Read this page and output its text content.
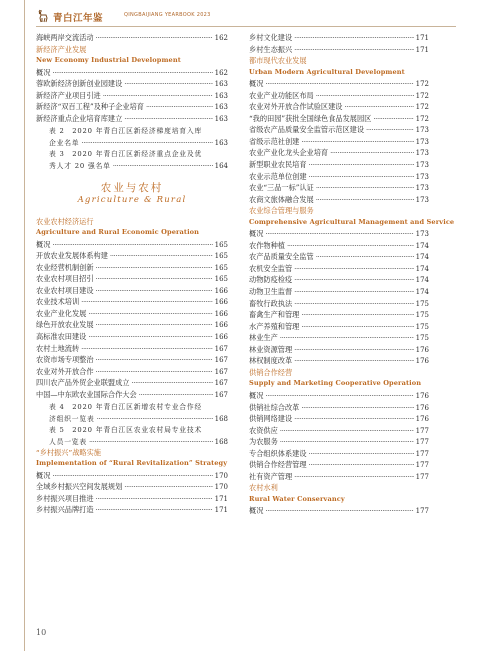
青白江年鉴	QINGBAIJIANG YEARBOOK 2023
海峡两岸交流活动 ·····	162
新经济产业发展
New Economy Industrial Development
概况 ·····	162
蓉欧新经济创新创业园建设 ·····	163
新经济产业项目引进 ·····	163
新经济“双百工程”及种子企业培育 ·····	163
新经济重点企业培育库建立 ·····	163
表 2　2020 年青白江区新经济梯度培育入库
企业名单 ·····	163
表 3　2020 年青白江区新经济重点企业及优
秀人才 20 强名单 ·····	164
农业与农村
Agriculture & Rural
农业农村经济运行
Agriculture and Rural Economic Operation
概况 ·····	165
开放农业发展体系构建 ·····	165
农业经营机制创新 ·····	165
农业农村项目招引 ·····	165
农业农村项目建设 ·····	166
农业技术培训 ·····	166
农业产业化发展 ·····	166
绿色开放农业发展 ·····	166
高标准农田建设 ·····	166
农村土地流转 ·····	167
农资市场专项整治 ·····	167
农业对外开放合作 ·····	167
四川农产品外贸企业联盟成立 ·····	167
中国—中东欧农业国际合作大会 ·····	167
表 4　2020 年青白江区新增农村专业合作经
济组织一览表 ·····	168
表 5　2020 年青白江区农业农村局专业技术
人员一览表 ·····	168
“乡村振兴”战略实施
Implementation of “Rural Revitalization” Strategy
概况 ·····	170
全域乡村振兴空间发展规划 ·····	170
乡村振兴项目推进 ·····	171
乡村振兴品牌打造 ·····	171
乡村文化建设 ·····	171
乡村生态振兴 ·····	171
都市现代农业发展
Urban Modern Agricultural Development
概况 ·····	172
农业产业功能区布局 ·····	172
农业对外开放合作试验区建设 ·····	172
“我的田园”获批全国绿色食品发展园区 ·····	172
省级农产品质量安全监管示范区建设 ·····	173
省级示范社创建 ·····	173
农业产业化龙头企业培育 ·····	173
新型职业农民培育 ·····	173
农业示范单位创建 ·····	173
农业“三品一标”认证 ·····	173
农商文旅体融合发展 ·····	173
农业综合管理与服务
Comprehensive Agricultural Management and Service
概况 ·····	173
农作物种植 ·····	174
农产品质量安全监管 ·····	174
农机安全监管 ·····	174
动物防疫检疫 ·····	174
动物卫生监督 ·····	174
畜牧行政执法 ·····	175
畜禽生产和管理 ·····	175
水产养殖和管理 ·····	175
林业生产 ·····	175
林业资源管理 ·····	176
林权制度改革 ·····	176
供销合作经营
Supply and Marketing Cooperative Operation
概况 ·····	176
供销社综合改革 ·····	176
供销网络建设 ·····	176
农资供应 ·····	177
为农服务 ·····	177
专合组织体系建设 ·····	177
供销合作经营管理 ·····	177
社有资产管理 ·····	177
农村水利
Rural Water Conservancy
概况 ·····	177
10
